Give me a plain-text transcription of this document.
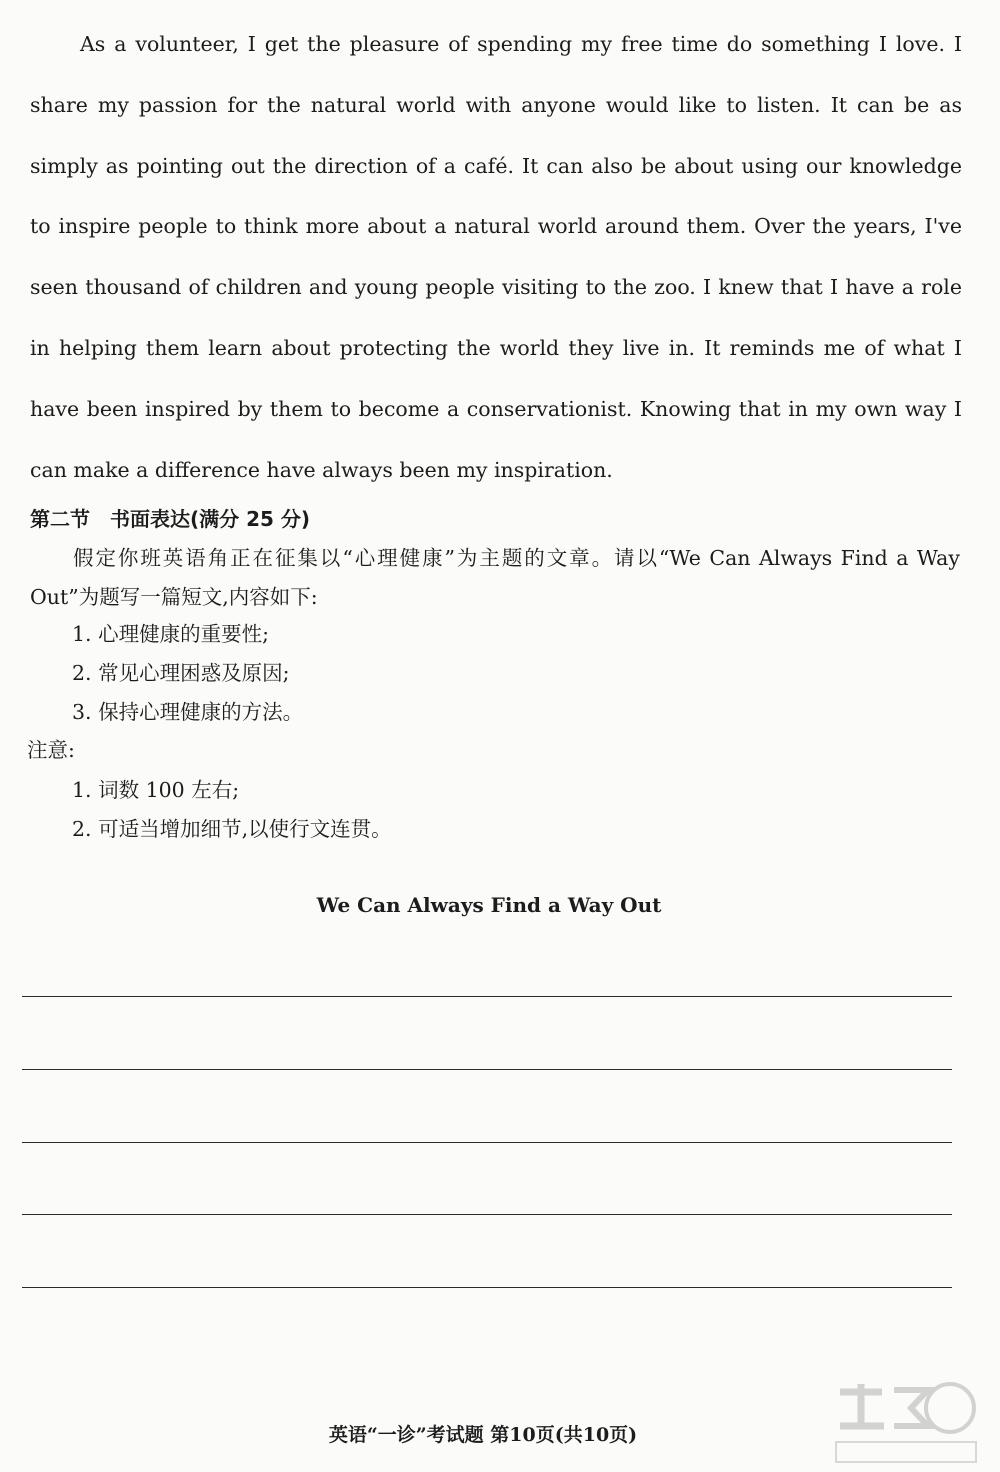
As a volunteer, I get the pleasure of spending my free time do something I love. I share my passion for the natural world with anyone would like to listen. It can be as simply as pointing out the direction of a café. It can also be about using our knowledge to inspire people to think more about a natural world around them. Over the years, I've seen thousand of children and young people visiting to the zoo. I knew that I have a role in helping them learn about protecting the world they live in. It reminds me of what I have been inspired by them to become a conservationist. Knowing that in my own way I can make a difference have always been my inspiration.

第二节 书面表达(满分 25 分)

假定你班英语角正在征集以“心理健康”为主题的文章。请以“We Can Always Find a Way Out”为题写一篇短文,内容如下:

1. 心理健康的重要性;
2. 常见心理困惑及原因;
3. 保持心理健康的方法。

注意:

1. 词数 100 左右;
2. 可适当增加细节,以使行文连贯。

We Can Always Find a Way Out

英语“一诊”考试题 第10页(共10页)
